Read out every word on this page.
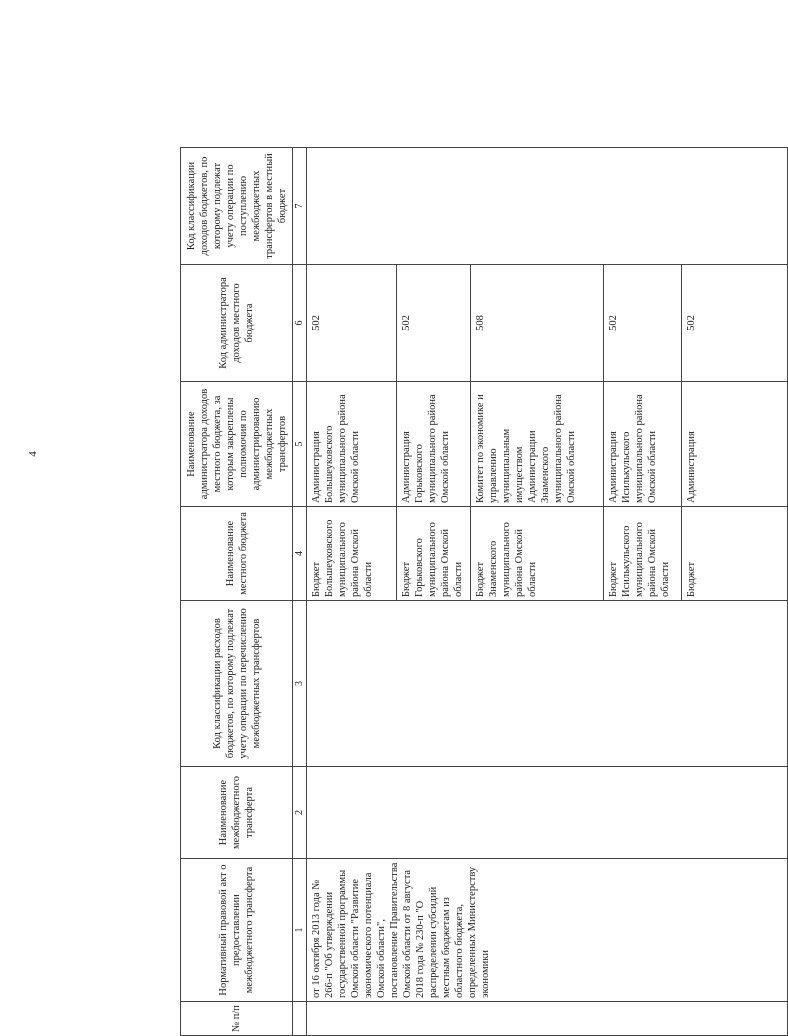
4
№ п/п	Нормативный правовой акт о предоставлении межбюджетного трансферта	Наименование межбюджетного трансферта	Код классификации расходов бюджетов, по которому подлежат учету операции по перечислению межбюджетных трансфертов	Наименование местного бюджета	Наименование администратора доходов местного бюджета, за которым закреплены полномочия по администрированию межбюджетных трансфертов	Код администратора доходов местного бюджета	Код классификации доходов бюджетов, по которому подлежат учету операции по поступлению межбюджетных трансфертов в местный бюджет
	1	2	3	4	5	6	7
	от 16 октября 2013 года № 266-п "Об утверждении государственной программы Омской области "Развитие экономического потенциала Омской области", постановление Правительства Омской области от 8 августа 2018 года № 230-п "О распределении субсидий местным бюджетам из областного бюджета, определенных Министерству экономики			Бюджет Большеуковского муниципального района Омской области	Администрация Большеуковского муниципального района Омской области	502	
				Бюджет Горьковского муниципального района Омской области	Администрация Горьковского муниципального района Омской области	502	
				Бюджет Знаменского муниципального района Омской области	Комитет по экономике и управлению муниципальным имуществом Администрации Знаменского муниципального района Омской области	508	
				Бюджет Исилькульского муниципального района Омской области	Администрация Исилькульского муниципального района Омской области	502	
				Бюджет	Администрация	502	
